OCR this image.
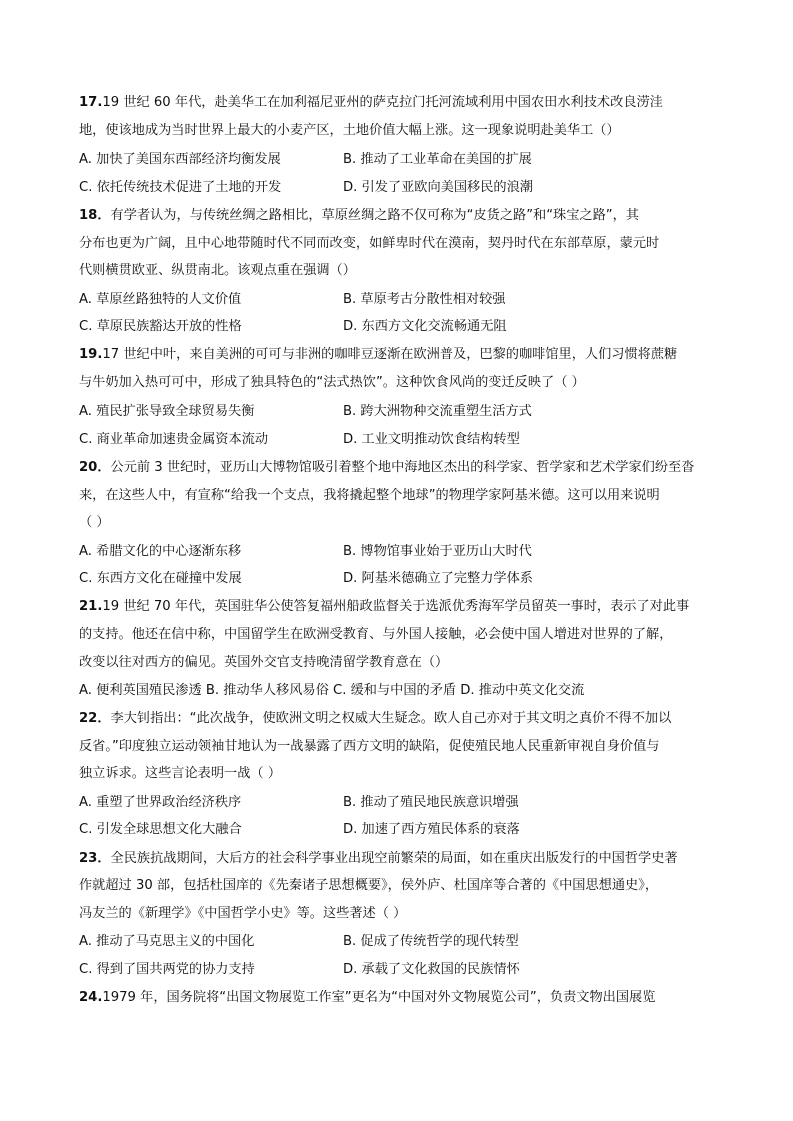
17.19 世纪 60 年代，赴美华工在加利福尼亚州的萨克拉门托河流域利用中国农田水利技术改良涝洼
地，使该地成为当时世界上最大的小麦产区，土地价值大幅上涨。这一现象说明赴美华工（）
A. 加快了美国东西部经济均衡发展	B. 推动了工业革命在美国的扩展
C. 依托传统技术促进了土地的开发	D. 引发了亚欧向美国移民的浪潮
18．有学者认为，与传统丝绸之路相比，草原丝绸之路不仅可称为“皮货之路”和“珠宝之路”，其
分布也更为广阔，且中心地带随时代不同而改变，如鲜卑时代在漠南，契丹时代在东部草原，蒙元时
代则横贯欧亚、纵贯南北。该观点重在强调（）
A. 草原丝路独特的人文价值	B. 草原考古分散性相对较强
C. 草原民族豁达开放的性格	D. 东西方文化交流畅通无阻
19.17 世纪中叶，来自美洲的可可与非洲的咖啡豆逐渐在欧洲普及，巴黎的咖啡馆里，人们习惯将蔗糖
与牛奶加入热可可中，形成了独具特色的“法式热饮”。这种饮食风尚的变迁反映了（ ）
A. 殖民扩张导致全球贸易失衡	B. 跨大洲物种交流重塑生活方式
C. 商业革命加速贵金属资本流动	D. 工业文明推动饮食结构转型
20．公元前 3 世纪时，亚历山大博物馆吸引着整个地中海地区杰出的科学家、哲学家和艺术学家们纷至沓
来，在这些人中，有宣称“给我一个支点，我将撬起整个地球”的物理学家阿基米德。这可以用来说明
（ ）
A. 希腊文化的中心逐渐东移	B. 博物馆事业始于亚历山大时代
C. 东西方文化在碰撞中发展	D. 阿基米德确立了完整力学体系
21.19 世纪 70 年代，英国驻华公使答复福州船政监督关于选派优秀海军学员留英一事时，表示了对此事
的支持。他还在信中称，中国留学生在欧洲受教育、与外国人接触，必会使中国人增进对世界的了解，
改变以往对西方的偏见。英国外交官支持晚清留学教育意在（）
A. 便利英国殖民渗透 B. 推动华人移风易俗 C. 缓和与中国的矛盾 D. 推动中英文化交流
22．李大钊指出：“此次战争，使欧洲文明之权威大生疑念。欧人自己亦对于其文明之真价不得不加以
反省。”印度独立运动领袖甘地认为一战暴露了西方文明的缺陷，促使殖民地人民重新审视自身价值与
独立诉求。这些言论表明一战（ ）
A. 重塑了世界政治经济秩序	B. 推动了殖民地民族意识增强
C. 引发全球思想文化大融合	D. 加速了西方殖民体系的衰落
23．全民族抗战期间，大后方的社会科学事业出现空前繁荣的局面，如在重庆出版发行的中国哲学史著
作就超过 30 部，包括杜国庠的《先秦诸子思想概要》，侯外庐、杜国庠等合著的《中国思想通史》，
冯友兰的《新理学》《中国哲学小史》等。这些著述（ ）
A. 推动了马克思主义的中国化	B. 促成了传统哲学的现代转型
C. 得到了国共两党的协力支持	D. 承载了文化救国的民族情怀
24.1979 年，国务院将“出国文物展览工作室”更名为“中国对外文物展览公司”，负责文物出国展览
